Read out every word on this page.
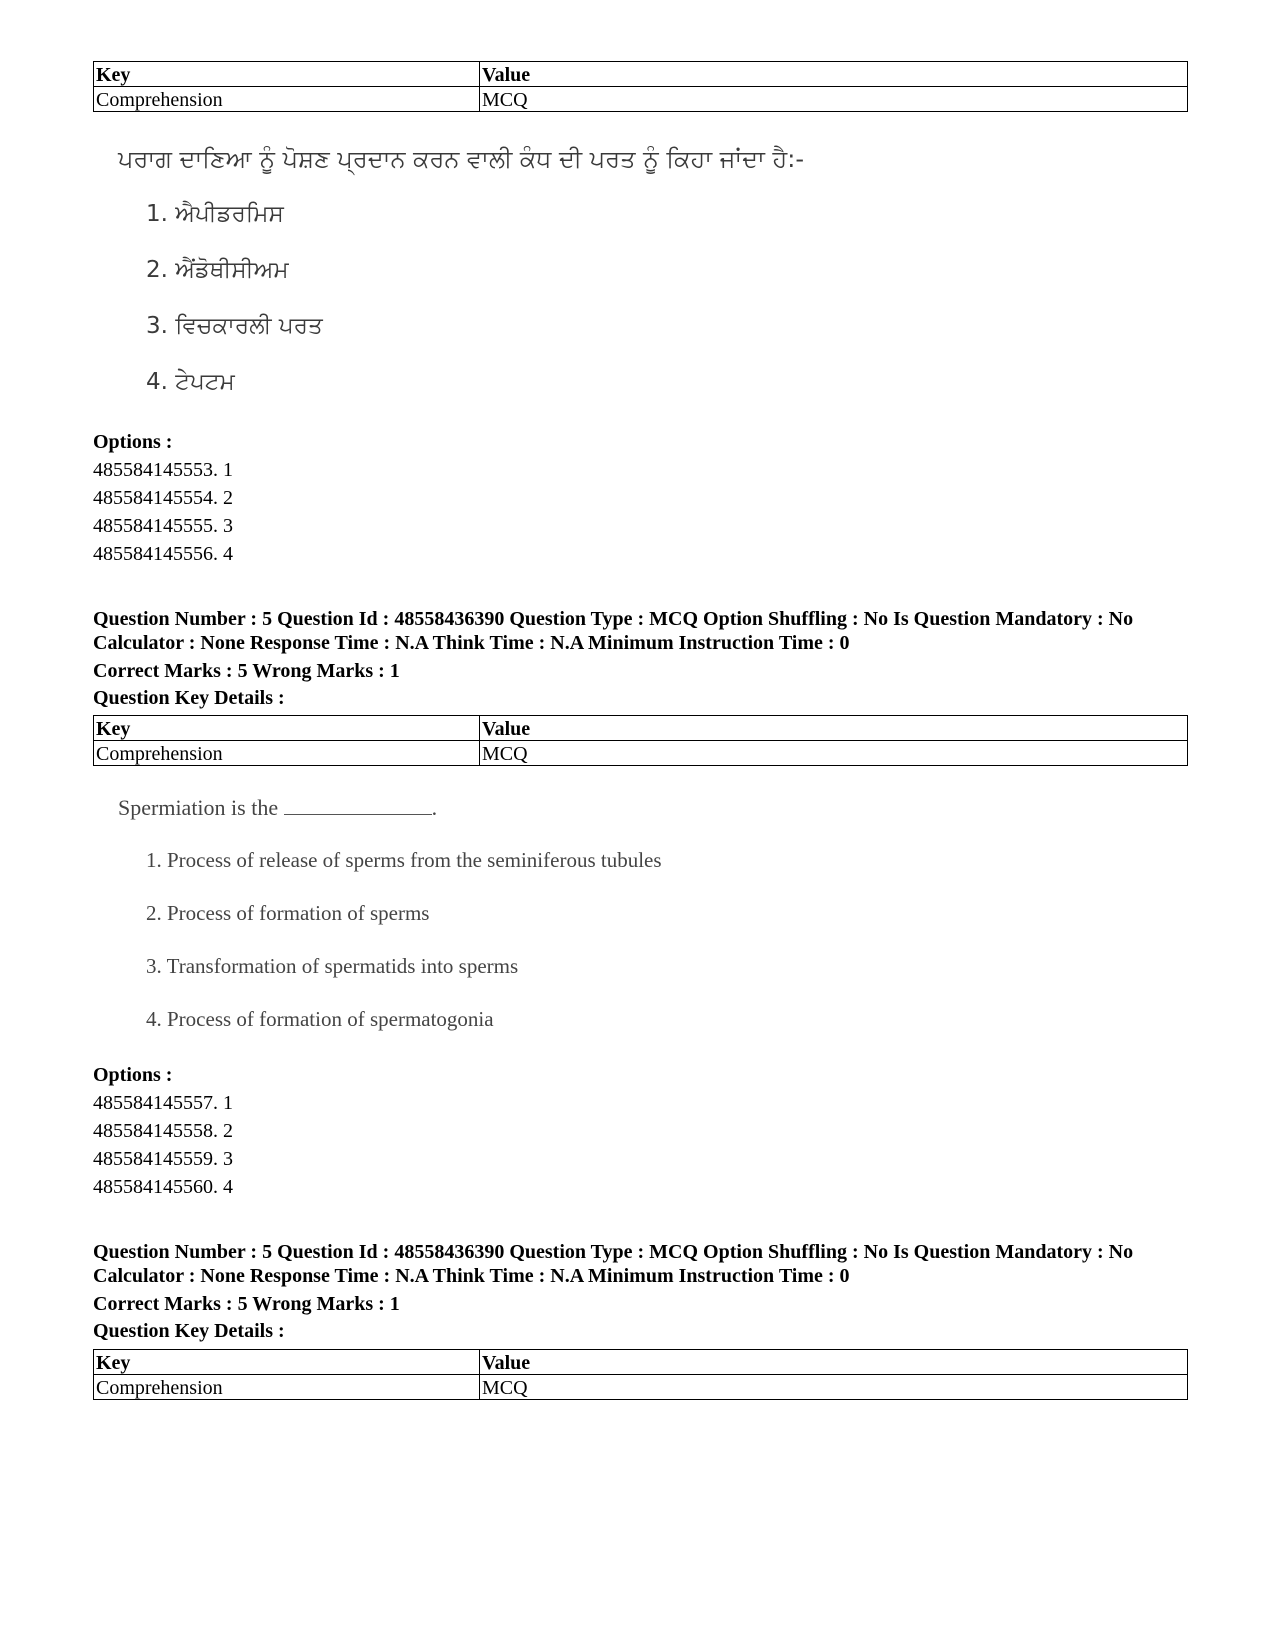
Key	Value
Comprehension	MCQ
ਪਰਾਗ ਦਾਣਿਆ ਨੂੰ ਪੋਸ਼ਣ ਪ੍ਰਦਾਨ ਕਰਨ ਵਾਲੀ ਕੰਧ ਦੀ ਪਰਤ ਨੂੰ ਕਿਹਾ ਜਾਂਦਾ ਹੈ:-
1. ਐਪੀਡਰਮਿਸ
2. ਐਂਡੋਥੀਸੀਅਮ
3. ਵਿਚਕਾਰਲੀ ਪਰਤ
4. ਟੇਪਟਮ
Options :
485584145553. 1
485584145554. 2
485584145555. 3
485584145556. 4
Question Number : 5 Question Id : 48558436390 Question Type : MCQ Option Shuffling : No Is Question Mandatory : No
Calculator : None Response Time : N.A Think Time : N.A Minimum Instruction Time : 0
Correct Marks : 5 Wrong Marks : 1
Question Key Details :
Key	Value
Comprehension	MCQ
Spermiation is the	.
1. Process of release of sperms from the seminiferous tubules
2. Process of formation of sperms
3. Transformation of spermatids into sperms
4. Process of formation of spermatogonia
Options :
485584145557. 1
485584145558. 2
485584145559. 3
485584145560. 4
Question Number : 5 Question Id : 48558436390 Question Type : MCQ Option Shuffling : No Is Question Mandatory : No
Calculator : None Response Time : N.A Think Time : N.A Minimum Instruction Time : 0
Correct Marks : 5 Wrong Marks : 1
Question Key Details :
Key	Value
Comprehension	MCQ
